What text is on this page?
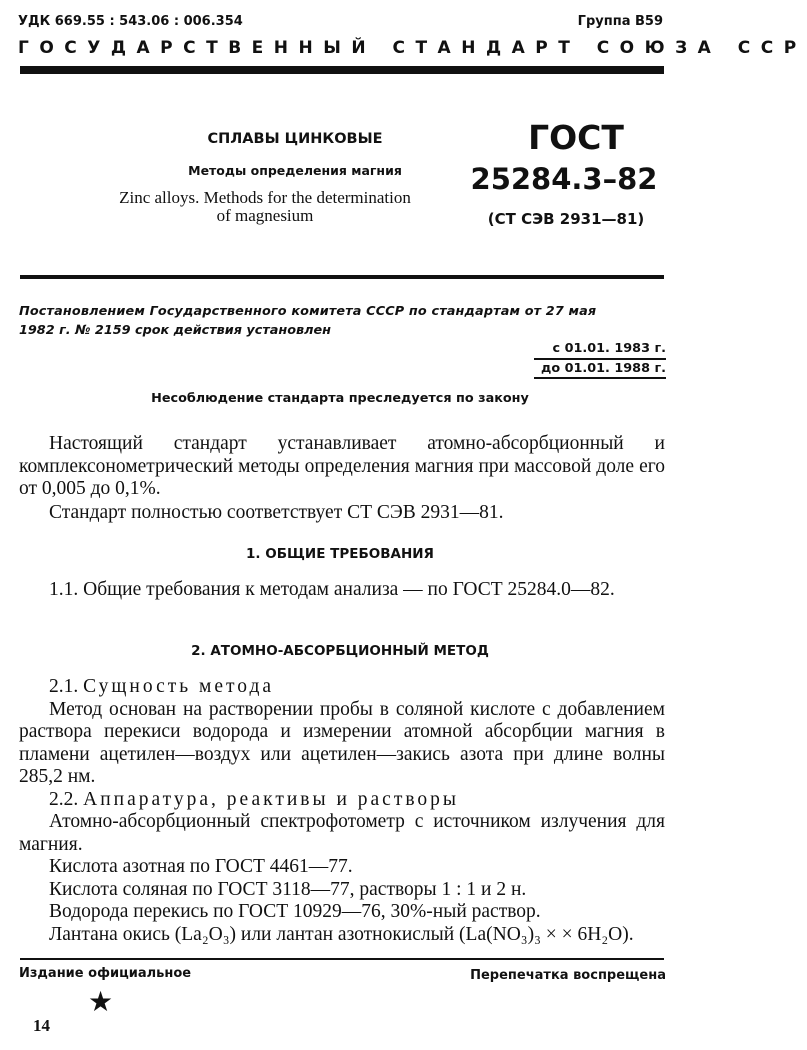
УДК 669.55 : 543.06 : 006.354	Группа В59
ГОСУДАРСТВЕННЫЙ СТАНДАРТ СОЮЗА ССР
СПЛАВЫ ЦИНКОВЫЕ
Методы определения магния
Zinc alloys. Methods for the determination
of magnesium
ГОСТ
25284.3–82
(СТ СЭВ 2931—81)
Постановлением Государственного комитета СССР по стандартам от 27 мая
1982 г. № 2159 срок действия установлен
с 01.01. 1983 г.
до 01.01. 1988 г.
Несоблюдение стандарта преследуется по закону

Настоящий стандарт устанавливает атомно-абсорбционный и комплексонометрический методы определения магния при массовой доле его от 0,005 до 0,1%.

Стандарт полностью соответствует СТ СЭВ 2931—81.

1. ОБЩИЕ ТРЕБОВАНИЯ

1.1. Общие требования к методам анализа — по ГОСТ 25284.0—82.

2. АТОМНО-АБСОРБЦИОННЫЙ МЕТОД

2.1. Сущность метода

Метод основан на растворении пробы в соляной кислоте с добавлением раствора перекиси водорода и измерении атомной абсорбции магния в пламени ацетилен—воздух или ацетилен—закись азота при длине волны 285,2 нм.

2.2. Аппаратура, реактивы и растворы

Атомно-абсорбционный спектрофотометр с источником излучения для магния.

Кислота азотная по ГОСТ 4461—77.

Кислота соляная по ГОСТ 3118—77, растворы 1 : 1 и 2 н.

Водорода перекись по ГОСТ 10929—76, 30%-ный раствор.

Лантана окись (La₂O₃) или лантан азотнокислый (La(NO₃)₃ × × 6H₂O).

Издание официальное	Перепечатка воспрещена
★
14
